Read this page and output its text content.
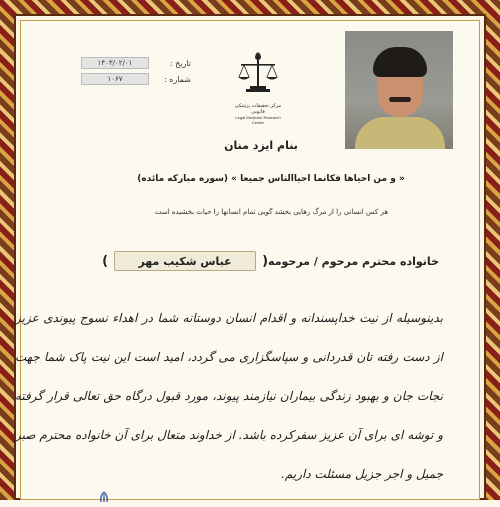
تاریخ :
۱۴۰۳/۰۲/۰۱
شماره :
۱۰۶۷
مرکز تحقیقات پزشکی قانونی
Legal Medicine Research Center
بنام ایزد منان
« و من احیاها فکانما احیاالناس جمیعا » (سوره مبارکه مائده)
هر کس انسانی را از مرگ رهایی بخشد گویی تمام انسانها را حیات بخشیده است
خانواده محترم مرحوم / مرحومه
(
عباس شکیب مهر
)
بدینوسیله از نیت خداپسندانه و اقدام انسان دوستانه شما در اهداء نسوج پیوندی عزیز از دست رفته تان قدردانی و سپاسگزاری می گردد، امید است این نیت پاک شما جهت نجات جان و بهبود زندگی بیماران نیازمند پیوند، مورد قبول درگاه حق تعالی قرار گرفته و توشه ای برای آن عزیز سفرکرده باشد. از خداوند متعال برای آن خانواده محترم صبر جمیل و اجر جزیل مسئلت داریم.
